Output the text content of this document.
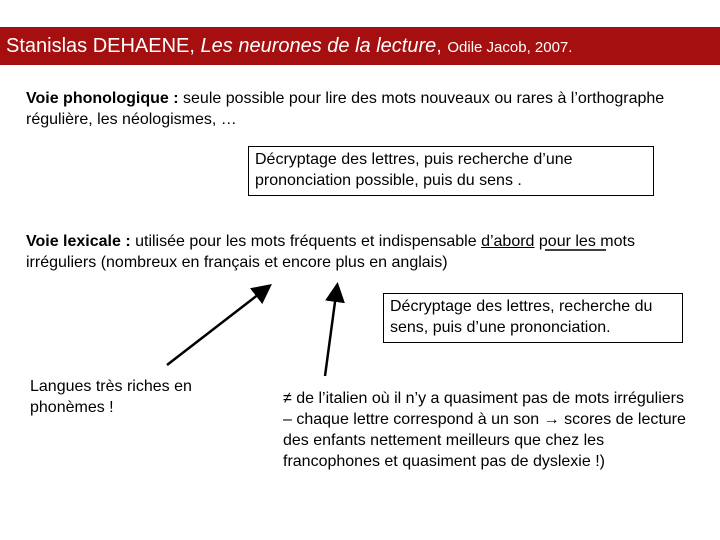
Stanislas DEHAENE, Les neurones de la lecture, Odile Jacob, 2007.
Voie phonologique : seule possible pour lire des mots nouveaux ou rares à l’orthographe régulière, les néologismes, …
Décryptage des lettres, puis recherche d’une prononciation possible, puis du sens .
Voie lexicale : utilisée pour les mots fréquents et indispensable d’abord pour les mots irréguliers (nombreux en français et encore plus en anglais)
Décryptage des lettres, recherche du sens, puis d’une prononciation.
Langues très riches en phonèmes !
≠ de l’italien où il n’y a quasiment pas de mots irréguliers – chaque lettre correspond à un son → scores de lecture des enfants nettement meilleurs que chez les francophones et quasiment pas de dyslexie !)
